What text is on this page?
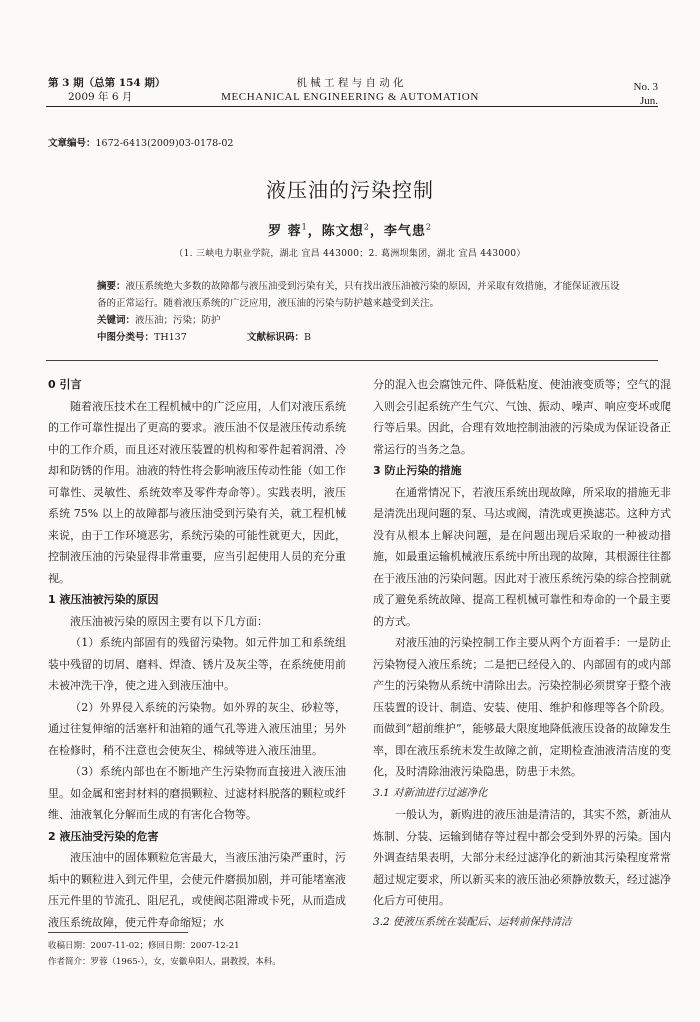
第 3 期（总第 154 期）
2009 年 6 月
机 械 工 程 与 自 动 化
MECHANICAL ENGINEERING & AUTOMATION
No. 3
Jun.
文章编号：1672-6413(2009)03-0178-02
液压油的污染控制
罗 蓉$^1$，陈文想$^2$，李气患$^2$
（1. 三峡电力职业学院，湖北 宜昌 443000；2. 葛洲坝集团，湖北 宜昌 443000）
摘要：液压系统绝大多数的故障都与液压油受到污染有关，只有找出液压油被污染的原因，并采取有效措施，才能保证液压设备的正常运行。随着液压系统的广泛应用，液压油的污染与防护越来越受到关注。
关键词：液压油；污染；防护
中图分类号：TH137	文献标识码：B
0 引言

随着液压技术在工程机械中的广泛应用，人们对液压系统的工作可靠性提出了更高的要求。液压油不仅是液压传动系统中的工作介质，而且还对液压装置的机构和零件起着润滑、冷却和防锈的作用。油液的特性将会影响液压传动性能（如工作可靠性、灵敏性、系统效率及零件寿命等）。实践表明，液压系统 75% 以上的故障都与液压油受到污染有关，就工程机械来说，由于工作环境恶劣，系统污染的可能性就更大，因此，控制液压油的污染显得非常重要，应当引起使用人员的充分重视。

1 液压油被污染的原因

液压油被污染的原因主要有以下几方面：

（1）系统内部固有的残留污染物。如元件加工和系统组装中残留的切屑、磨料、焊渣、锈片及灰尘等，在系统使用前未被冲洗干净，使之进入到液压油中。

（2）外界侵入系统的污染物。如外界的灰尘、砂粒等，通过往复伸缩的活塞杆和油箱的通气孔等进入液压油里；另外在检修时，稍不注意也会使灰尘、棉絨等进入液压油里。

（3）系统内部也在不断地产生污染物而直接进入液压油里。如金属和密封材料的磨损颗粒、过滤材料脱落的颗粒或纤维、油液氧化分解而生成的有害化合物等。

2 液压油受污染的危害

液压油中的固体颗粒危害最大，当液压油污染严重时，污垢中的颗粒进入到元件里，会使元件磨损加剧，并可能堵塞液压元件里的节流孔、阻尼孔，或使阀芯阻滞或卡死，从而造成液压系统故障，使元件寿命缩短；水

分的混入也会腐蚀元件、降低粘度、使油液变质等；空气的混入则会引起系统产生气穴、气蚀、振动、噪声、响应变坏或爬行等后果。因此，合理有效地控制油液的污染成为保证设备正常运行的当务之急。

3 防止污染的措施

在通常情况下，若液压系统出现故障，所采取的措施无非是清洗出现问题的泵、马达或阀，清洗或更换滤芯。这种方式没有从根本上解决问题，是在问题出现后采取的一种被动措施，如最重运输机械液压系统中所出现的故障，其根源往往都在于液压油的污染问题。因此对于液压系统污染的综合控制就成了避免系统故障、提高工程机械可靠性和寿命的一个最主要的方式。

对液压油的污染控制工作主要从两个方面着手：一是防止污染物侵入液压系统；二是把已经侵入的、内部固有的或内部产生的污染物从系统中清除出去。污染控制必须贯穿于整个液压装置的设计、制造、安装、使用、维护和修理等各个阶段。而做到“超前维护”，能够最大限度地降低液压设备的故障发生率，即在液压系统未发生故障之前，定期检查油液清洁度的变化，及时清除油液污染隐患，防患于未然。

3.1 对新油进行过滤净化

一般认为，新购进的液压油是清洁的，其实不然，新油从炼制、分装、运输到储存等过程中都会受到外界的污染。国内外调查结果表明，大部分未经过滤净化的新油其污染程度常常超过规定要求，所以新买来的液压油必须静放数天，经过滤净化后方可使用。

3.2 使液压系统在装配后、运转前保持清洁
收稿日期：2007-11-02；修回日期：2007-12-21
作者简介：罗蓉（1965-），女，安徽阜阳人，副教授，本科。
